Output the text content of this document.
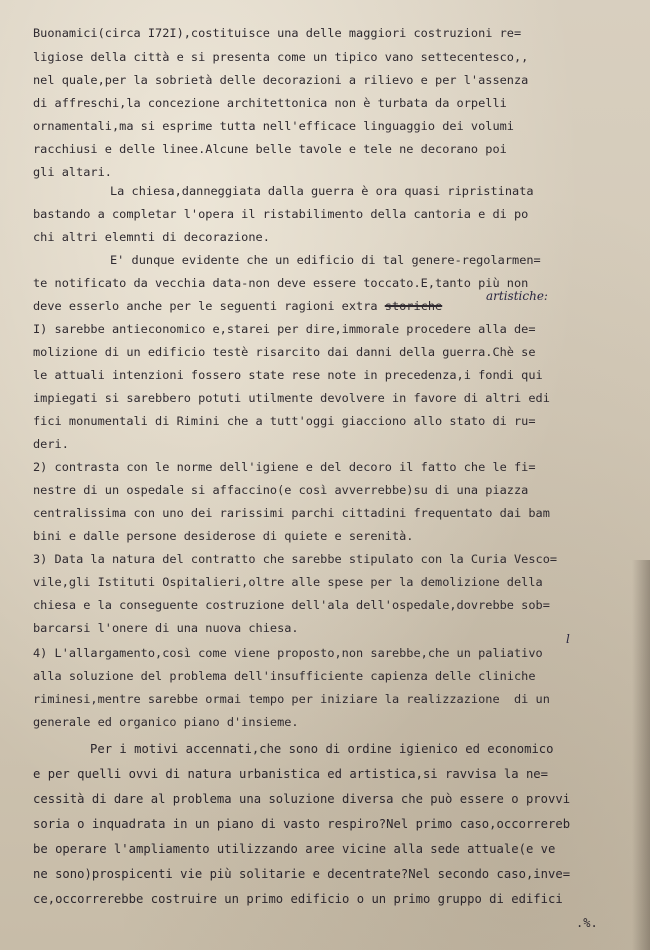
Buonamici(circa I72I),costituisce una delle maggiori costruzioni re=
ligiose della città e si presenta come un tipico vano settecentesco,,
nel quale,per la sobrietà delle decorazioni a rilievo e per l'assenza
di affreschi,la concezione architettonica non è turbata da orpelli
ornamentali,ma si esprime tutta nell'efficace linguaggio dei volumi
racchiusi e delle linee.Alcune belle tavole e tele ne decorano poi
gli altari.
La chiesa,danneggiata dalla guerra è ora quasi ripristinata
bastando a completar l'opera il ristabilimento della cantoria e di po
chi altri elemnti di decorazione.
E' dunque evidente che un edificio di tal genere-regolarmen=
te notificato da vecchia data-non deve essere toccato.E,tanto più non
deve esserlo anche per le seguenti ragioni extra storiche
artistiche:
I) sarebbe antieconomico e,starei per dire,immorale procedere alla de=
molizione di un edificio testè risarcito dai danni della guerra.Chè se
le attuali intenzioni fossero state rese note in precedenza,i fondi qui
impiegati si sarebbero potuti utilmente devolvere in favore di altri edi
fici monumentali di Rimini che a tutt'oggi giacciono allo stato di ru=
deri.
2) contrasta con le norme dell'igiene e del decoro il fatto che le fi=
nestre di un ospedale si affaccino(e così avverrebbe)su di una piazza
centralissima con uno dei rarissimi parchi cittadini frequentato dai bam
bini e dalle persone desiderose di quiete e serenità.
3) Data la natura del contratto che sarebbe stipulato con la Curia Vesco=
vile,gli Istituti Ospitalieri,oltre alle spese per la demolizione della
chiesa e la conseguente costruzione dell'ala dell'ospedale,dovrebbe sob=
barcarsi l'onere di una nuova chiesa.
l
4) L'allargamento,così come viene proposto,non sarebbe,che un paliativo
alla soluzione del problema dell'insufficiente capienza delle cliniche
riminesi,mentre sarebbe ormai tempo per iniziare la realizzazione  di un
generale ed organico piano d'insieme.
Per i motivi accennati,che sono di ordine igienico ed economico
e per quelli ovvi di natura urbanistica ed artistica,si ravvisa la ne=
cessità di dare al problema una soluzione diversa che può essere o provvi
soria o inquadrata in un piano di vasto respiro?Nel primo caso,occorrereb
be operare l'ampliamento utilizzando aree vicine alla sede attuale(e ve
ne sono)prospicenti vie più solitarie e decentrate?Nel secondo caso,inve=
ce,occorrerebbe costruire un primo edificio o un primo gruppo di edifici
.%.
